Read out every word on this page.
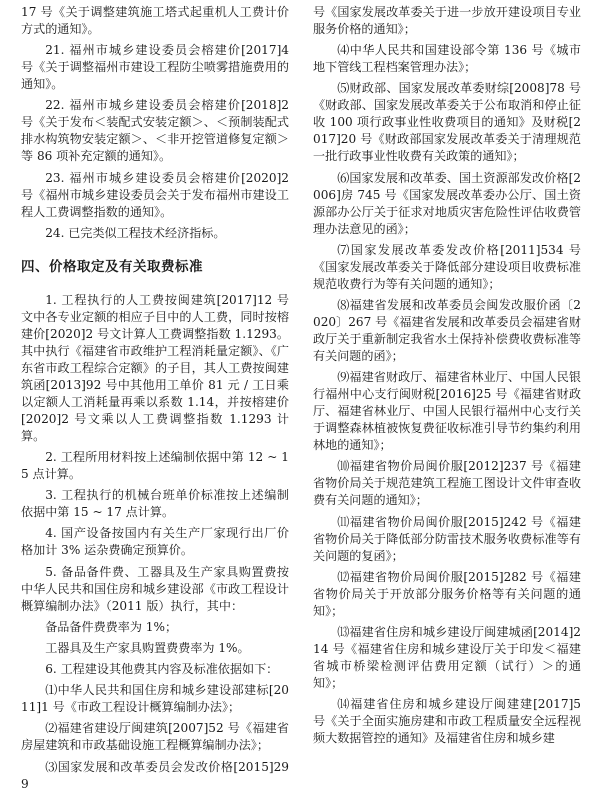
17 号《关于调整建筑施工塔式起重机人工费计价方式的通知》。

21. 福州市城乡建设委员会榕建价[2017]4 号《关于调整福州市建设工程防尘喷雾措施费用的通知》。

22. 福州市城乡建设委员会榕建价[2018]2 号《关于发布＜装配式安装定额＞、＜预制装配式排水构筑物安装定额＞、＜非开挖管道修复定额＞等 86 项补充定额的通知》。

23. 福州市城乡建设委员会榕建价[2020]2 号《福州市城乡建设委员会关于发布福州市建设工程人工费调整指数的通知》。

24. 已完类似工程技术经济指标。

四、价格取定及有关取费标准

1. 工程执行的人工费按闽建筑[2017]12 号文中各专业定额的相应子目中的人工费，同时按榕建价[2020]2 号文计算人工费调整指数 1.1293。其中执行《福建省市政维护工程消耗量定额》、《广东省市政工程综合定额》的子目，其人工费按闽建筑函[2013]92 号中其他用工单价 81 元 / 工日乘以定额人工消耗量再乘以系数 1.14，并按榕建价[2020]2 号文乘以人工费调整指数 1.1293 计算。

2. 工程所用材料按上述编制依据中第 12 ~ 15 点计算。

3. 工程执行的机械台班单价标准按上述编制依据中第 15 ~ 17 点计算。

4. 国产设备按国内有关生产厂家现行出厂价格加计 3% 运杂费确定预算价。

5. 备品备件费、工器具及生产家具购置费按中华人民共和国住房和城乡建设部《市政工程设计概算编制办法》（2011 版）执行，其中：

备品备件费费率为 1%；

工器具及生产家具购置费费率为 1%。

6. 工程建设其他费其内容及标准依据如下：

⑴中华人民共和国住房和城乡建设部建标[2011]1 号《市政工程设计概算编制办法》；

⑵福建省建设厅闽建筑[2007]52 号《福建省房屋建筑和市政基础设施工程概算编制办法》；

⑶国家发展和改革委员会发改价格[2015]299

号《国家发展改革委关于进一步放开建设项目专业服务价格的通知》；

⑷中华人民共和国建设部令第 136 号《城市地下管线工程档案管理办法》；

⑸财政部、国家发展改革委财综[2008]78 号《财政部、国家发展改革委关于公布取消和停止征收 100 项行政事业性收费项目的通知》及财税[2017]20 号《财政部国家发展改革委关于清理规范一批行政事业性收费有关政策的通知》；

⑹国家发展和改革委、国土资源部发改价格[2006]房 745 号《国家发展改革委办公厅、国土资源部办公厅关于征求对地质灾害危险性评估收费管理办法意见的函》；

⑺国家发展改革委发改价格[2011]534 号《国家发展改革委关于降低部分建设项目收费标准规范收费行为等有关问题的通知》；

⑻福建省发展和改革委员会闽发改服价函〔2020〕267 号《福建省发展和改革委员会福建省财政厅关于重新制定我省水土保持补偿费收费标准等有关问题的函》；

⑼福建省财政厅、福建省林业厅、中国人民银行福州中心支行闽财税[2016]25 号《福建省财政厅、福建省林业厅、中国人民银行福州中心支行关于调整森林植被恢复费征收标准引导节约集约利用林地的通知》；

⑽福建省物价局闽价服[2012]237 号《福建省物价局关于规范建筑工程施工图设计文件审查收费有关问题的通知》；

⑾福建省物价局闽价服[2015]242 号《福建省物价局关于降低部分防雷技术服务收费标准等有关问题的复函》；

⑿福建省物价局闽价服[2015]282 号《福建省物价局关于开放部分服务价格等有关问题的通知》；

⒀福建省住房和城乡建设厅闽建城函[2014]214 号《福建省住房和城乡建设厅关于印发＜福建省城市桥梁检测评估费用定额（试行）＞的通知》；

⒁福建省住房和城乡建设厅闽建建[2017]5 号《关于全面实施房建和市政工程质量安全远程视频大数据管控的通知》及福建省住房和城乡建
